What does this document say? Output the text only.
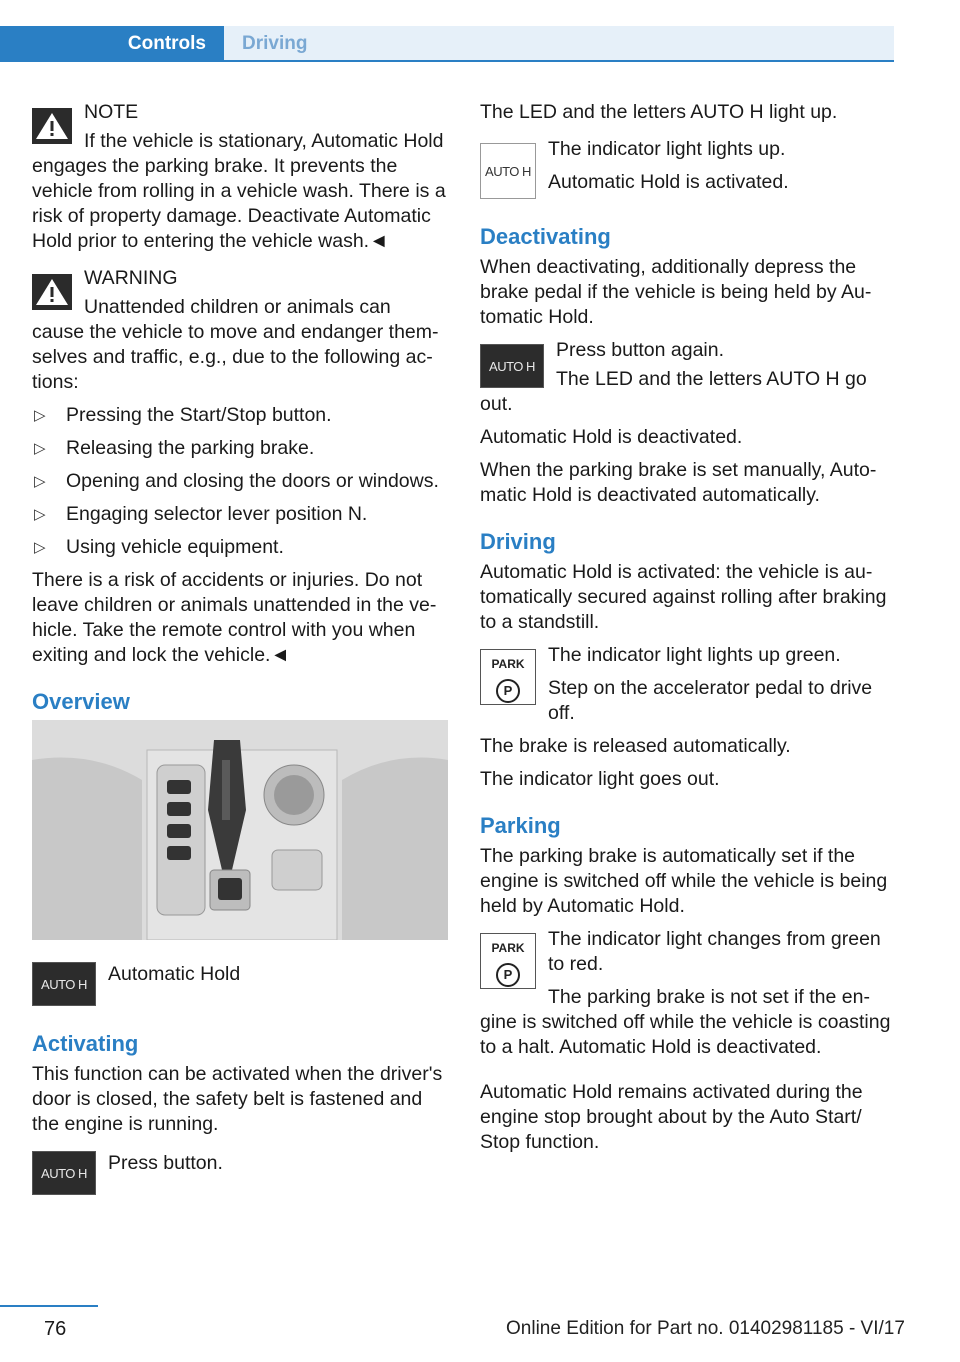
Controls	Driving

NOTE

If the vehicle is stationary, Automatic Hold engages the parking brake. It prevents the vehicle from rolling in a vehicle wash. There is a risk of property damage. Deactivate Automatic Hold prior to entering the vehicle wash.◄

WARNING

Unattended children or animals can cause the vehicle to move and endanger themselves and traffic, e.g., due to the following actions:

▷ Pressing the Start/Stop button.
▷ Releasing the parking brake.
▷ Opening and closing the doors or windows.
▷ Engaging selector lever position N.
▷ Using vehicle equipment.

There is a risk of accidents or injuries. Do not leave children or animals unattended in the vehicle. Take the remote control with you when exiting and lock the vehicle.◄

Overview
AUTO H	Automatic Hold

Activating

This function can be activated when the driver's door is closed, the safety belt is fastened and the engine is running.

AUTO H	Press button.

The LED and the letters AUTO H light up.

AUTO H

The indicator light lights up.

Automatic Hold is activated.

Deactivating

When deactivating, additionally depress the brake pedal if the vehicle is being held by Automatic Hold.

AUTO H

Press button again.

The LED and the letters AUTO H go out.

Automatic Hold is deactivated.

When the parking brake is set manually, Automatic Hold is deactivated automatically.

Driving

Automatic Hold is activated: the vehicle is automatically secured against rolling after braking to a standstill.

PARK
P

The indicator light lights up green.

Step on the accelerator pedal to drive off.

The brake is released automatically.

The indicator light goes out.

Parking

The parking brake is automatically set if the engine is switched off while the vehicle is being held by Automatic Hold.

PARK
P

The indicator light changes from green to red.

The parking brake is not set if the engine is switched off while the vehicle is coasting to a halt. Automatic Hold is deactivated.

Automatic Hold remains activated during the engine stop brought about by the Auto Start/ Stop function.

76	Online Edition for Part no. 01402981185 - VI/17
